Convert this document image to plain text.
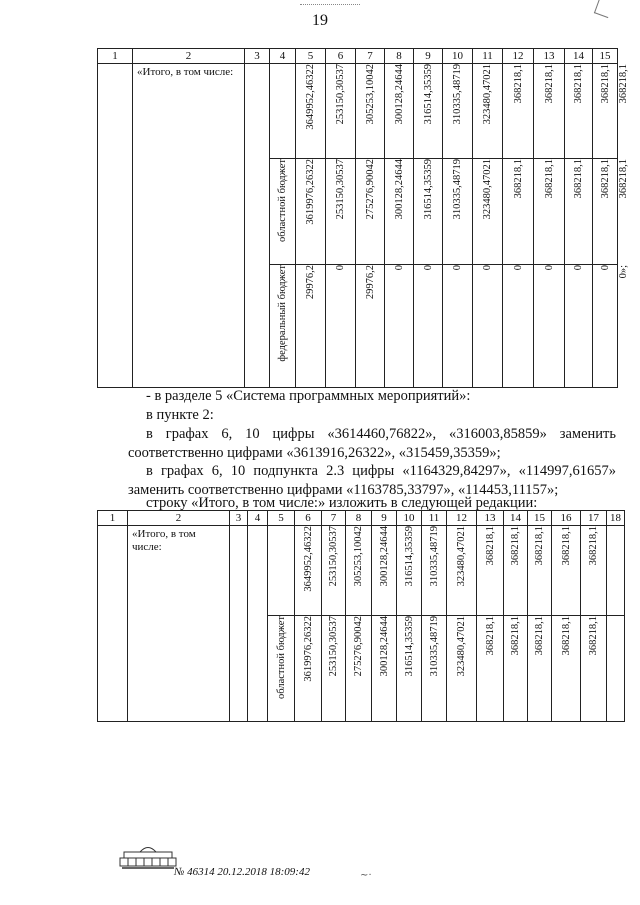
19
1	2	3	4	5	6	7	8	9	10	11	12	13	14	15	
	«Итого, в том числе:			3649952,46322	253150,30537	305253,10042	300128,24644	316514,35359	310335,48719	323480,47021	368218,1	368218,1	368218,1	368218,1	368218,1

			областной бюджет	3619976,26322	253150,30537	275276,90042	300128,24644	316514,35359	310335,48719	323480,47021	368218,1	368218,1	368218,1	368218,1	368218,1

			федеральный бюджет	29976,2	0	29976,2	0	0	0	0	0	0	0	0	0»;
- в разделе 5 «Система программных мероприятий»:
в пункте 2:
в графах 6, 10 цифры «3614460,76822», «316003,85859» заменить соответственно цифрами «3613916,26322», «315459,35359»;
в графах 6, 10 подпункта 2.3 цифры «1164329,84297», «114997,61657» заменить соответственно цифрами «1163785,33797», «114453,11157»;
строку «Итого, в том числе:» изложить в следующей редакции:
1	2	3	4	5	6	7	8	9	10	11	12	13	14	15	16	17	18
	«Итого, в том числе:				3649952,46322	253150,30537	305253,10042	300128,24644	316514,35359	310335,48719	323480,47021	368218,1	368218,1	368218,1	368218,1	368218,1	

				областной бюджет	3619976,26322	253150,30537	275276,90042	300128,24644	316514,35359	310335,48719	323480,47021	368218,1	368218,1	368218,1	368218,1	368218,1	

№ 46314 20.12.2018 18:09:42	∼·
